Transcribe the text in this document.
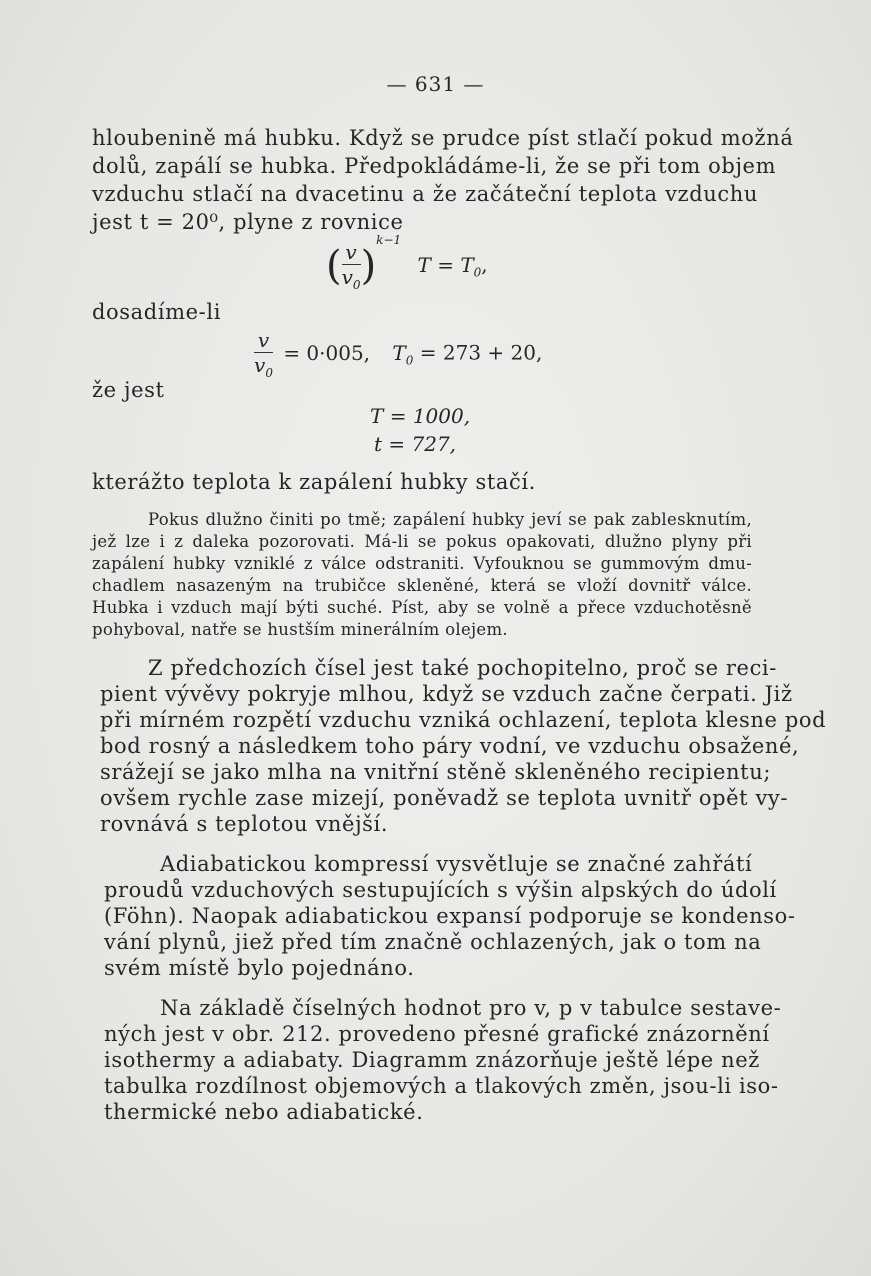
— 631 —
hloubenině má hubku. Když se prudce píst stlačí pokud možná
dolů, zapálí se hubka. Předpokládáme-li, že se při tom objem
vzduchu stlačí na dvacetinu a že začáteční teplota vzduchu
jest t = 20⁰, plyne z rovnice
( $\frac{v}{v_0} )^{k-1}$ $T = T_0$,
dosadíme-li
$\frac{v}{v_0} = 0\cdot 005$, $T_0 = 273 + 20$,
že jest
T = 1000,
t = 727,
kterážto teplota k zapálení hubky stačí.
Pokus dlužno činiti po tmě; zapálení hubky jeví se pak zablesknutím,
jež lze i z daleka pozorovati. Má-li se pokus opakovati, dlužno plyny při
zapálení hubky vzniklé z válce odstraniti. Vyfouknou se gummovým dmu-
chadlem nasazeným na trubičce skleněné, která se vloží dovnitř válce.
Hubka i vzduch mají býti suché. Píst, aby se volně a přece vzduchotěsně
pohyboval, natře se hustším minerálním olejem.
Z předchozích čísel jest také pochopitelno, proč se reci-
pient vývěvy pokryje mlhou, když se vzduch začne čerpati. Již
při mírném rozpětí vzduchu vzniká ochlazení, teplota klesne pod
bod rosný a následkem toho páry vodní, ve vzduchu obsažené,
srážejí se jako mlha na vnitřní stěně skleněného recipientu;
ovšem rychle zase mizejí, poněvadž se teplota uvnitř opět vy-
rovnává s teplotou vnější.
Adiabatickou kompressí vysvětluje se značné zahřátí
proudů vzduchových sestupujících s výšin alpských do údolí
(Föhn). Naopak adiabatickou expansí podporuje se kondenso-
vání plynů, jiež před tím značně ochlazených, jak o tom na
svém místě bylo pojednáno.
Na základě číselných hodnot pro v, p v tabulce sestave-
ných jest v obr. 212. provedeno přesné grafické znázornění
isothermy a adiabaty. Diagramm znázorňuje ještě lépe než
tabulka rozdílnost objemových a tlakových změn, jsou-li iso-
thermické nebo adiabatické.
